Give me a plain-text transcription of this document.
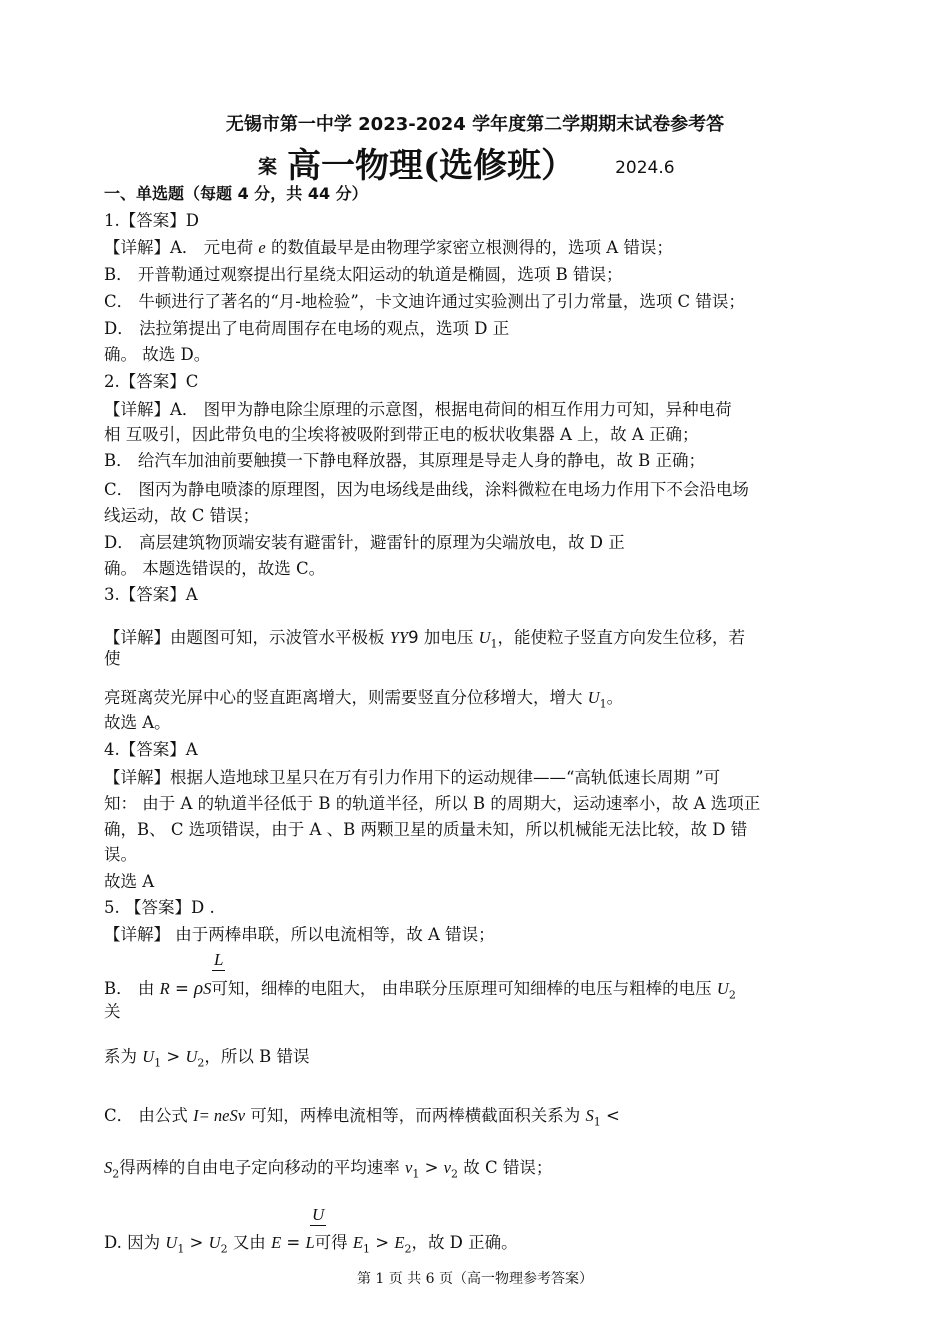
无锡市第一中学 2023-2024 学年度第二学期期末试卷参考答
案 高一物理(选修班） 2024.6
一、单选题（每题 4 分，共 44 分）
1.【答案】D
【详解】A． 元电荷 e 的数值最早是由物理学家密立根测得的，选项 A 错误；
B． 开普勒通过观察提出行星绕太阳运动的轨道是椭圆，选项 B 错误；
C． 牛顿进行了著名的“月-地检验”，卡文迪许通过实验测出了引力常量，选项 C 错误；
D． 法拉第提出了电荷周围存在电场的观点，选项 D 正
确。 故选 D。
2.【答案】C
【详解】A． 图甲为静电除尘原理的示意图，根据电荷间的相互作用力可知，异种电荷
相 互吸引，因此带负电的尘埃将被吸附到带正电的板状收集器 A 上，故 A 正确；
B． 给汽车加油前要触摸一下静电释放器，其原理是导走人身的静电，故 B 正确；
C． 图丙为静电喷漆的原理图，因为电场线是曲线，涂料微粒在电场力作用下不会沿电场
线运动，故 C 错误；
D． 高层建筑物顶端安装有避雷针，避雷针的原理为尖端放电，故 D 正
确。 本题选错误的，故选 C。
3.【答案】A
【详解】由题图可知，示波管水平极板 YY9 加电压 $U_1$，能使粒子竖直方向发生位移，若
使
亮斑离荧光屏中心的竖直距离增大，则需要竖直分位移增大，增大 $U_1$。
故选 A。
4.【答案】A
【详解】根据人造地球卫星只在万有引力作用下的运动规律——“高轨低速长周期 ”可
知： 由于 A 的轨道半径低于 B 的轨道半径，所以 B 的周期大，运动速率小，故 A 选项正
确，B、 C 选项错误，由于 A 、B 两颗卫星的质量未知，所以机械能无法比较，故 D 错
误。
故选 A
5. 【答案】D .
【详解】 由于两棒串联，所以电流相等，故 A 错误；
L
B． 由 R = ρS可知，细棒的电阻大， 由串联分压原理可知细棒的电压与粗棒的电压 $U_2$
关
系为 $U_1 > U_2$，所以 B 错误
C． 由公式 I= neSv 可知，两棒电流相等，而两棒横截面积关系为 $S_1$ <
$S_2$得两棒的自由电子定向移动的平均速率 $v_1 > v_2$ 故 C 错误；
U
D. 因为 $U_1 > U_2$ 又由 E = L可得 $E_1 > E_2$，故 D 正确。
第 1 页 共 6 页（高一物理参考答案）
